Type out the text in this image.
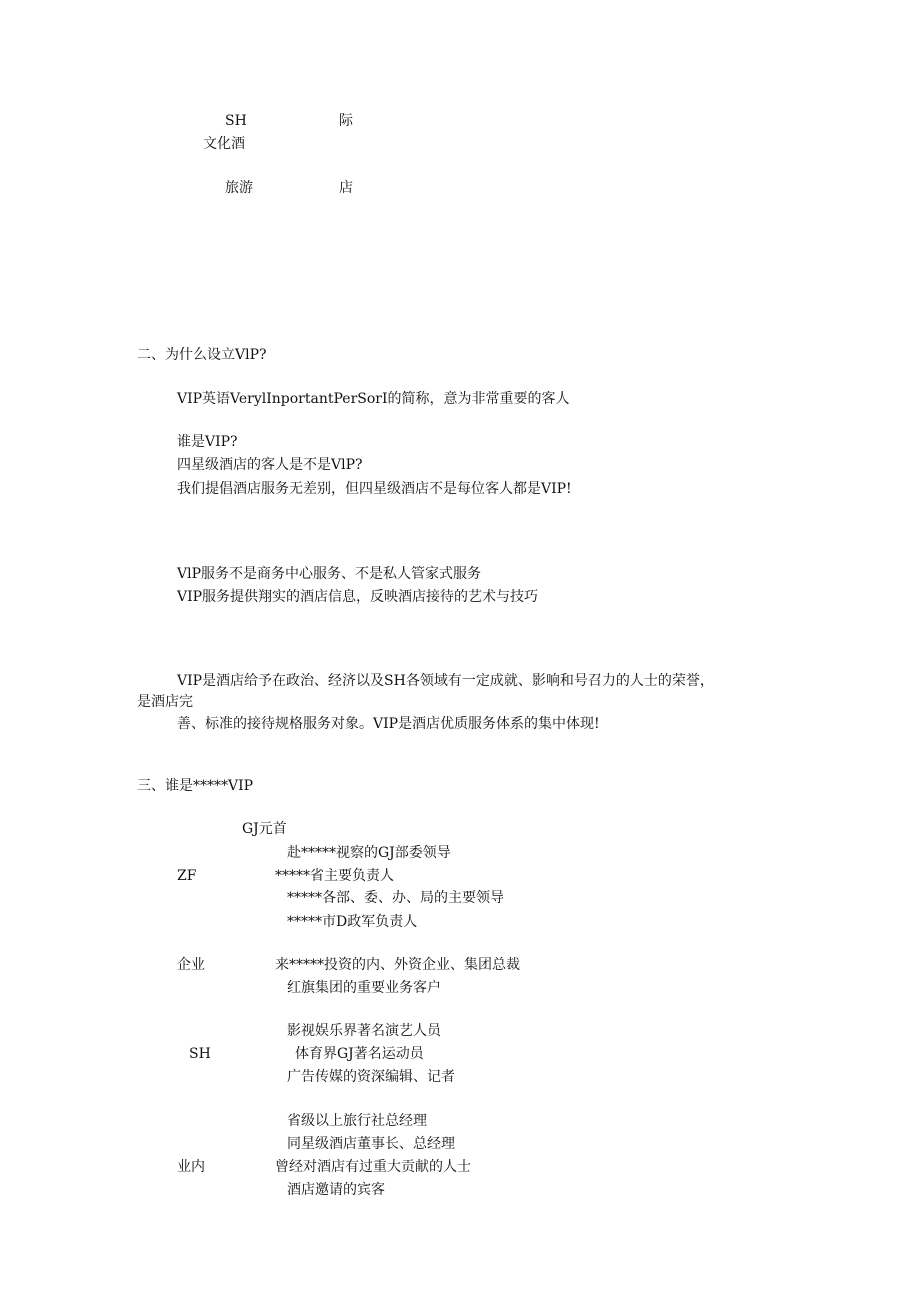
SH	际
文化酒
旅游	店
二、为什么设立VlP?
VIP英语VerylInportantPerSorI的简称，意为非常重要的客人
谁是VIP?
四星级酒店的客人是不是VlP?
我们提倡酒店服务无差别，但四星级酒店不是每位客人都是VIP!
VlP服务不是商务中心服务、不是私人管家式服务
VIP服务提供翔实的酒店信息，反映酒店接待的艺术与技巧
VIP是酒店给予在政治、经济以及SH各领域有一定成就、影响和号召力的人士的荣誉，
是酒店完
善、标准的接待规格服务对象。VIP是酒店优质服务体系的集中体现!
三、谁是*****VIP
GJ元首
赴*****视察的GJ部委领导
ZF	*****省主要负责人
*****各部、委、办、局的主要领导
*****市D政军负责人
企业	来*****投资的内、外资企业、集团总裁
红旗集团的重要业务客户
影视娱乐界著名演艺人员
SH	体育界GJ著名运动员
广告传媒的资深编辑、记者
省级以上旅行社总经理
同星级酒店董事长、总经理
业内	曾经对酒店有过重大贡献的人士
酒店邀请的宾客
